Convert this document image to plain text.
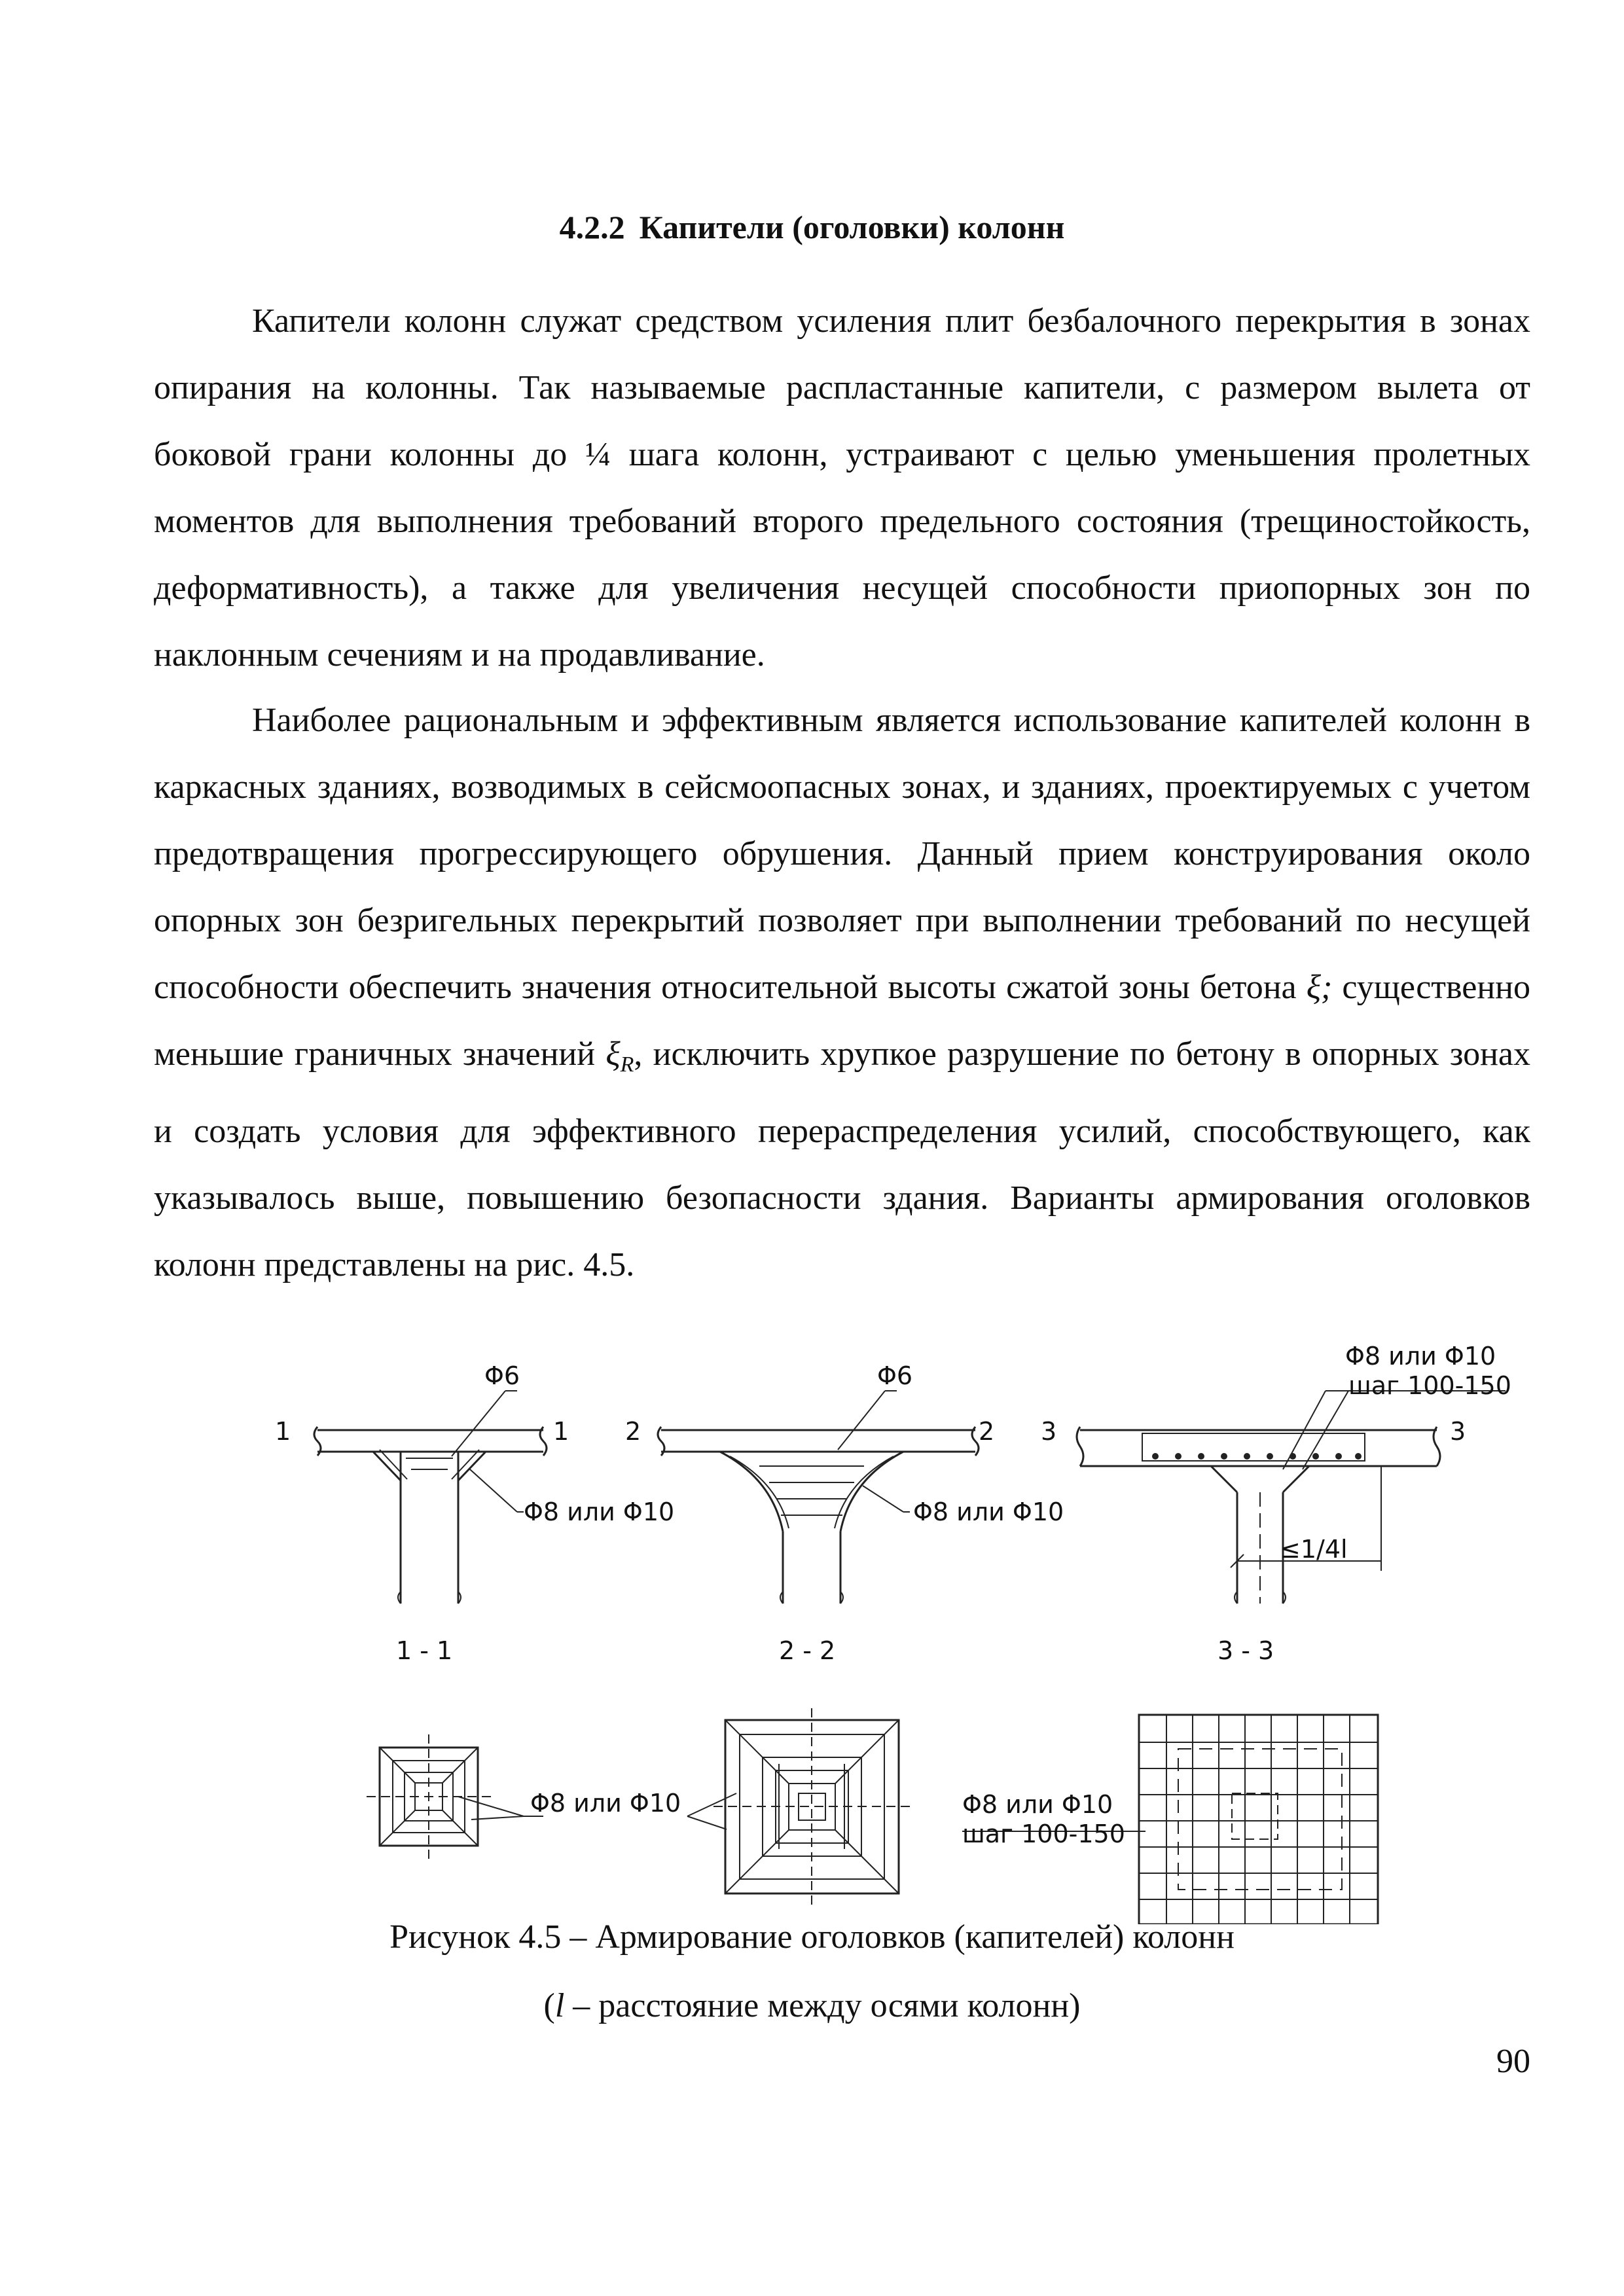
4.2.2 Капители (оголовки) колонн

Капители колонн служат средством усиления плит безбалочного перекрытия в зонах опирания на колонны. Так называемые распластанные капители, с размером вылета от боковой грани колонны до ¼ шага колонн, устраивают с целью уменьшения пролетных моментов для выполнения требований второго предельного состояния (трещиностойкость, деформативность), а также для увеличения несущей способности приопорных зон по наклонным сечениям и на продавливание.

Наиболее рациональным и эффективным является использование капителей колонн в каркасных зданиях, возводимых в сейсмоопасных зонах, и зданиях, проектируемых с учетом предотвращения прогрессирующего обрушения. Данный прием конструирования около опорных зон безригельных перекрытий позволяет при выполнении требований по несущей способности обеспечить значения относительной высоты сжатой зоны бетона ξ; существенно меньшие граничных значений $\xi_R$, исключить хрупкое разрушение по бетону в опорных зонах и создать условия для эффективного перераспределения усилий, способствующего, как указывалось выше, повышению безопасности здания. Варианты армирования оголовков колонн представлены на рис. 4.5.

1	1
Φ6
Φ8 или Φ10
1 - 1
2	2
Φ6
Φ8 или Φ10
2 - 2
3	3
Φ8 или Φ10
шаг 100-150
≤1/4l
3 - 3
Φ8 или Φ10	Φ8 или Φ10
шаг 100-150
Рисунок 4.5 – Армирование оголовков (капителей) колонн
(l – расстояние между осями колонн)
90
